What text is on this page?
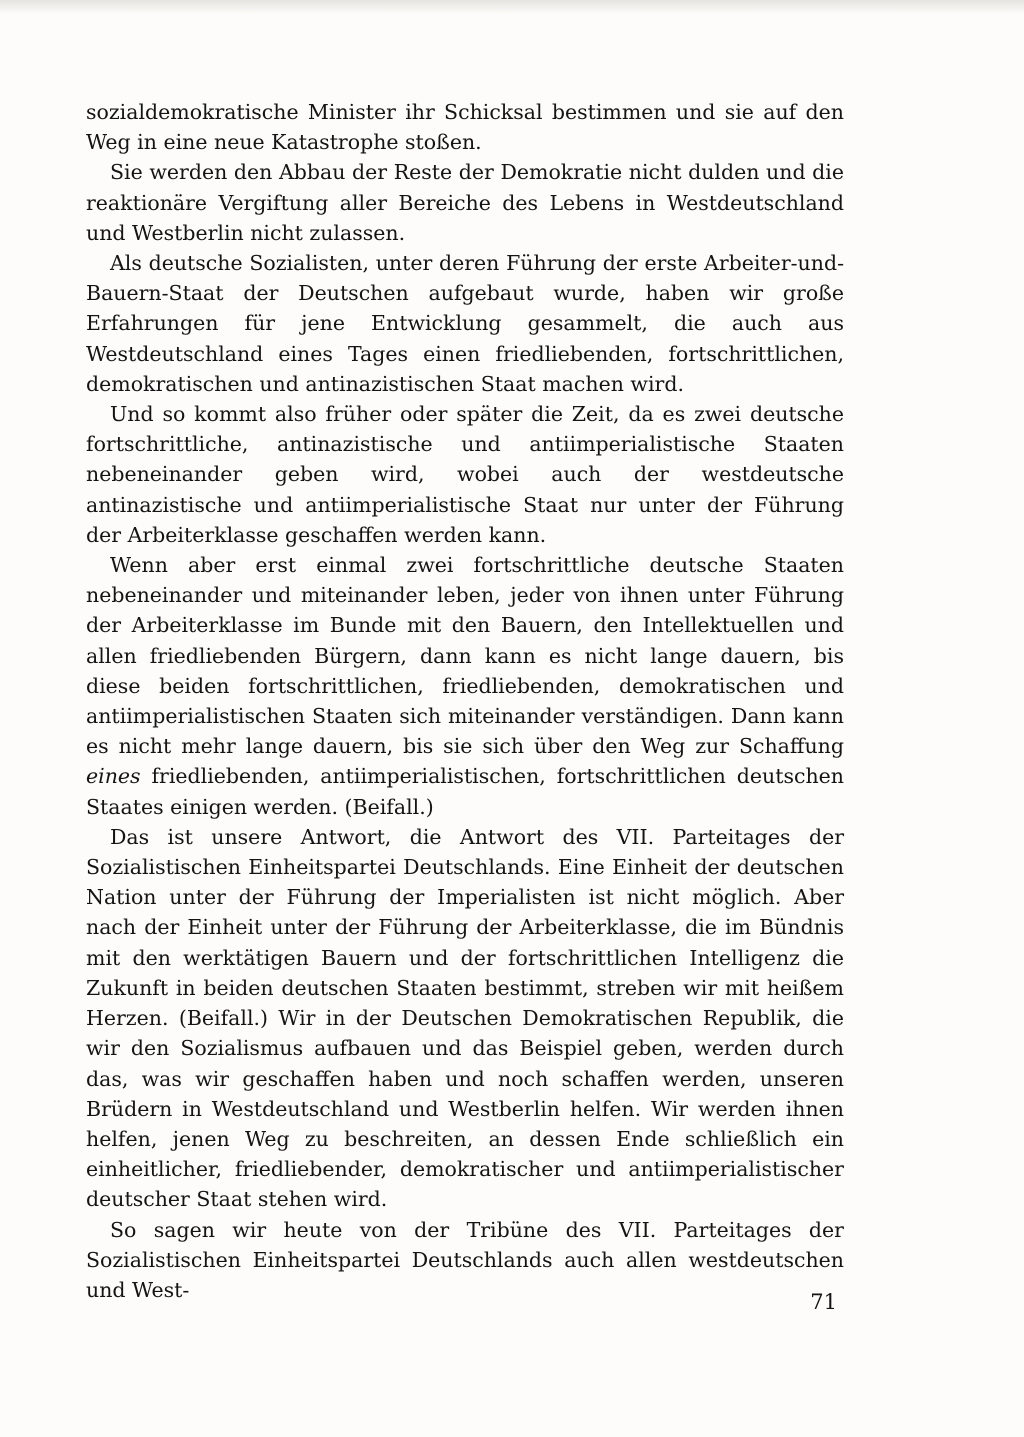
sozialdemokratische Minister ihr Schicksal bestimmen und sie auf den Weg in eine neue Katastrophe stoßen.

Sie werden den Abbau der Reste der Demokratie nicht dulden und die reaktionäre Vergiftung aller Bereiche des Lebens in Westdeutschland und Westberlin nicht zulassen.

Als deutsche Sozialisten, unter deren Führung der erste Arbeiter-und-Bauern-Staat der Deutschen aufgebaut wurde, haben wir große Erfahrungen für jene Entwicklung gesammelt, die auch aus Westdeutschland eines Tages einen friedliebenden, fortschrittlichen, demokratischen und antinazistischen Staat machen wird.

Und so kommt also früher oder später die Zeit, da es zwei deutsche fortschrittliche, antinazistische und antiimperialistische Staaten nebeneinander geben wird, wobei auch der westdeutsche antinazistische und antiimperialistische Staat nur unter der Führung der Arbeiterklasse geschaffen werden kann.

Wenn aber erst einmal zwei fortschrittliche deutsche Staaten nebeneinander und miteinander leben, jeder von ihnen unter Führung der Arbeiterklasse im Bunde mit den Bauern, den Intellektuellen und allen friedliebenden Bürgern, dann kann es nicht lange dauern, bis diese beiden fortschrittlichen, friedliebenden, demokratischen und antiimperialistischen Staaten sich miteinander verständigen. Dann kann es nicht mehr lange dauern, bis sie sich über den Weg zur Schaffung eines friedliebenden, antiimperialistischen, fortschrittlichen deutschen Staates einigen werden. (Beifall.)

Das ist unsere Antwort, die Antwort des VII. Parteitages der Sozialistischen Einheitspartei Deutschlands. Eine Einheit der deutschen Nation unter der Führung der Imperialisten ist nicht möglich. Aber nach der Einheit unter der Führung der Arbeiterklasse, die im Bündnis mit den werktätigen Bauern und der fortschrittlichen Intelligenz die Zukunft in beiden deutschen Staaten bestimmt, streben wir mit heißem Herzen. (Beifall.) Wir in der Deutschen Demokratischen Republik, die wir den Sozialismus aufbauen und das Beispiel geben, werden durch das, was wir geschaffen haben und noch schaffen werden, unseren Brüdern in Westdeutschland und Westberlin helfen. Wir werden ihnen helfen, jenen Weg zu beschreiten, an dessen Ende schließlich ein einheitlicher, friedliebender, demokratischer und antiimperialistischer deutscher Staat stehen wird.

So sagen wir heute von der Tribüne des VII. Parteitages der Sozialistischen Einheitspartei Deutschlands auch allen westdeutschen und West-

71
